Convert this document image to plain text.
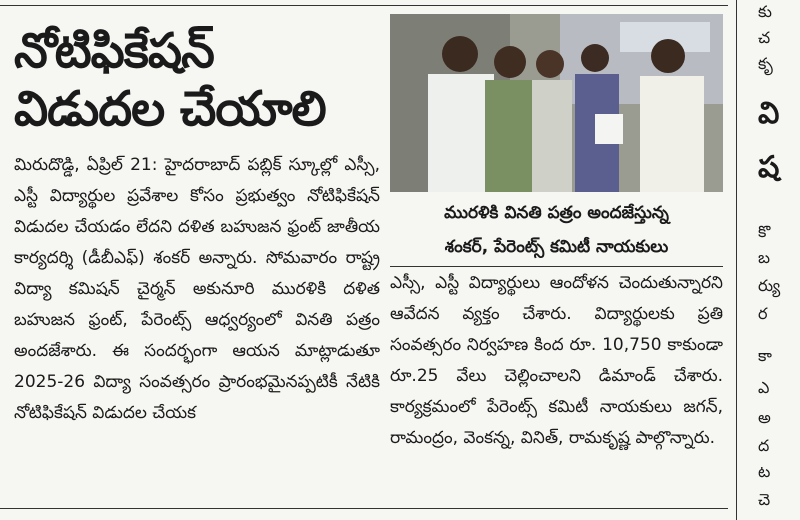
నోటిఫికేషన్
విడుదల చేయాలి

మిరుదొడ్డి, ఏప్రిల్ 21: హైదరాబాద్ పబ్లిక్ స్కూల్లో ఎస్సీ, ఎస్టీ విద్యార్థుల ప్రవేశాల కోసం ప్రభుత్వం నోటిఫికేషన్ విడుదల చేయడం లేదని దళిత బహుజన ఫ్రంట్ జాతీయ కార్యదర్శి (డీబీఎఫ్) శంకర్ అన్నారు. సోమవారం రాష్ట్ర విద్యా కమిషన్ చైర్మన్ అకునూరి మురళికి దళిత బహుజన ఫ్రంట్, పేరెంట్స్ ఆధ్వర్యంలో వినతి పత్రం అందజేశారు. ఈ సందర్భంగా ఆయన మాట్లాడుతూ 2025-26 విద్యా సంవత్సరం ప్రారంభమైనప్పటికీ నేటికి నోటిఫికేషన్ విడుదల చేయక

మురళికి వినతి పత్రం అందజేస్తున్న
శంకర్, పేరెంట్స్ కమిటీ నాయకులు

ఎస్సీ, ఎస్టీ విద్యార్థులు ఆందోళన చెందుతున్నారని ఆవేదన వ్యక్తం చేశారు. విద్యార్థులకు ప్రతి సంవత్సరం నిర్వహణ కింద రూ. 10,750 కాకుండా రూ.25 వేలు చెల్లించాలని డిమాండ్ చేశారు. కార్యక్రమంలో పేరెంట్స్ కమిటీ నాయకులు జగన్, రామంద్రం, వెంకన్న, వినిత్, రామకృష్ణ పాల్గొన్నారు.

కు
చ
కృ
వి
ష
కొ
బ
ర్యు
ర
కా
ఎ
అ
ద
ట
చె
